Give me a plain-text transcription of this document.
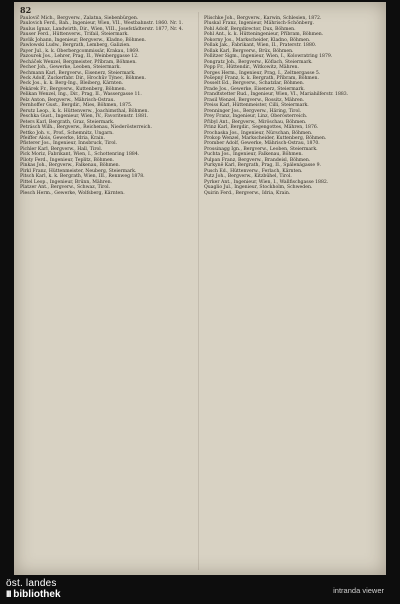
82

Paulovič Mich., Bergverw., Zalatna, Siebenbürgen.

Paulovich Ferd., Bah., Ingenieur, Wien, VII., Westbahnstr. 1860. Nr. 1.

Paulus Ignaz, Landwirth, Dir., Wien, VIII., Josefstädterstr. 1877, Nr. 4.

Pauser Ferd., Hüttenverw., Trifail, Steiermark.

Pavlik Johann, Ingenieur, Bergverw., Kladno, Böhmen.

Pawlowski Ludw., Bergrath, Lemberg, Galizien.

Payer Jul., k. k. Oberbergcommissär, Krakau, 1869.

Pazourek Jos., Lehrer, Prag, II., Weinberggasse 12.

Pecháček Wenzel, Bergmeister, Příbram, Böhmen.

Pecher Joh., Gewerke, Leoben, Steiermark.

Pechmann Karl, Bergverw., Eisenerz, Steiermark.

Peck Adolf, Zuckerfabr. Dir., Hrochův Týnec, Böhmen.

Peck Jos., k. k. Berg-Ing., Bleiberg, Kärnten.

Pekárek Fr., Bergverw., Kuttenberg, Böhmen.

Pelikan Wenzel, Ing., Dir., Prag, II., Wassergasse 11.

Pelz Anton, Bergverw., Mährisch-Ostrau.

Pernhoffer Gust., Bergdir., Mies, Böhmen, 1875.

Perutz Leop., k. k. Hüttenverw., Joachimsthal, Böhmen.

Peschka Gust., Ingenieur, Wien, IV., Favoritenstr. 1881.

Peters Karl, Bergrath, Graz, Steiermark.

Petrásch Wilh., Bergverw., Reichenau, Niederösterreich.

Pettko Joh. v., Prof., Schemnitz, Ungarn.

Pfeiffer Alois, Gewerke, Idria, Krain.

Pfisterer Jos., Ingenieur, Innsbruck, Tirol.

Pichler Karl, Bergverw., Hall, Tirol.

Pick Moriz, Fabrikant, Wien, I., Schottenring 1884.

Piloty Ferd., Ingenieur, Teplitz, Böhmen.

Pinkas Joh., Bergverw., Falkenau, Böhmen.

Pirkl Franz, Hüttenmeister, Neuberg, Steiermark.

Pitsch Karl, k. k. Bergrath, Wien, III., Rennweg 1878.

Pittel Leop., Ingenieur, Brünn, Mähren.

Platzer Ant., Bergverw., Schwaz, Tirol.

Plesch Herm., Gewerke, Wolfsberg, Kärnten.

Plischke Joh., Bergverw., Karwin, Schlesien, 1872.

Pluskal Franz, Ingenieur, Mährisch-Schönberg.

Pohl Adolf, Bergdirector, Dux, Böhmen.

Pohl Ant., k. k. Hütteningenieur, Příbram, Böhmen.

Pokorny Jos., Markscheider, Kladno, Böhmen.

Pollak Jak., Fabrikant, Wien, II., Praterstr. 1880.

Pollak Karl, Bergverw., Brüx, Böhmen.

Pollitzer Sigm., Ingenieur, Wien, I., Kolowratring 1879.

Pongratz Joh., Bergverw., Köflach, Steiermark.

Popp Fr., Hüttendir., Witkowitz, Mähren.

Porges Herm., Ingenieur, Prag, I., Zeltnergasse 5.

Pošepný Franz, k. k. Bergrath, Příbram, Böhmen.

Posselt Ed., Bergverw., Schatzlar, Böhmen.

Prade Jos., Gewerke, Eisenerz, Steiermark.

Prandtstetter Rud., Ingenieur, Wien, VI., Mariahilferstr. 1883.

Prasil Wenzel, Bergverw., Rossitz, Mähren.

Preiss Karl, Hüttenmeister, Cilli, Steiermark.

Prenninger Jos., Bergverw., Häring, Tirol.

Prey Franz, Ingenieur, Linz, Oberösterreich.

Přibyl Ant., Bergverw., Miröschau, Böhmen.

Prinz Karl, Bergdir., Segengottes, Mähren, 1876.

Prochaska Jos., Ingenieur, Nürschan, Böhmen.

Prokop Wenzel, Markscheider, Kuttenberg, Böhmen.

Promber Adolf, Gewerke, Mährisch-Ostrau, 1870.

Prossinagg Ign., Bergverw., Leoben, Steiermark.

Puchta Jos., Ingenieur, Falkenau, Böhmen.

Pulpan Franz, Bergverw., Brandeisl, Böhmen.

Purkyně Karl, Bergrath, Prag, II., Spálenágasse 9.

Pusch Ed., Hüttenverw., Ferlach, Kärnten.

Putz Joh., Bergverw., Kitzbühel, Tirol.

Pyrker Ant., Ingenieur, Wien, I., Wallfischgasse 1882.

Quaglio Jul., Ingenieur, Stockholm, Schweden.

Quirin Ferd., Bergverw., Idria, Krain.

öst. landes
III bibliothek	intranda viewer
